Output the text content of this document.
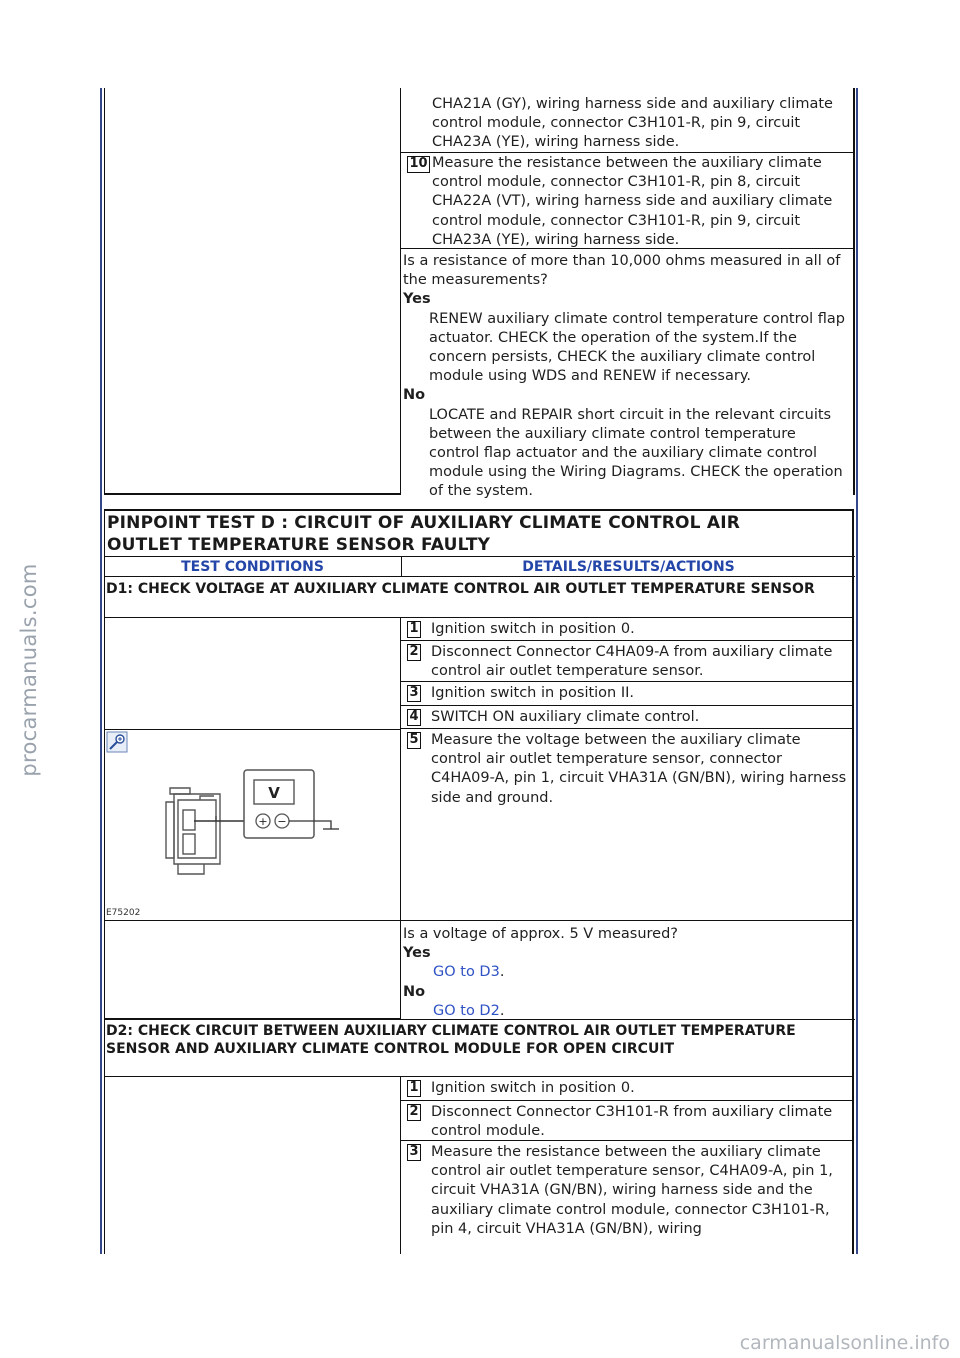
procarmanuals.com
carmanualsonline.info
CHA21A (GY), wiring harness side and auxiliary climate control module, connector C3H101-R, pin 9, circuit CHA23A (YE), wiring harness side.
10 Measure the resistance between the auxiliary climate control module, connector C3H101-R, pin 8, circuit CHA22A (VT), wiring harness side and auxiliary climate control module, connector C3H101-R, pin 9, circuit CHA23A (YE), wiring harness side.
Is a resistance of more than 10,000 ohms measured in all of the measurements?
Yes
RENEW auxiliary climate control temperature control flap actuator. CHECK the operation of the system.If the concern persists, CHECK the auxiliary climate control module using WDS and RENEW if necessary.
No
LOCATE and REPAIR short circuit in the relevant circuits between the auxiliary climate control temperature control flap actuator and the auxiliary climate control module using the Wiring Diagrams. CHECK the operation of the system.
PINPOINT TEST D : CIRCUIT OF AUXILIARY CLIMATE CONTROL AIR OUTLET TEMPERATURE SENSOR FAULTY
TEST CONDITIONS	DETAILS/RESULTS/ACTIONS
D1: CHECK VOLTAGE AT AUXILIARY CLIMATE CONTROL AIR OUTLET TEMPERATURE SENSOR
V
+ −
E75202
1 Ignition switch in position 0.
2 Disconnect Connector C4HA09-A from auxiliary climate control air outlet temperature sensor.
3 Ignition switch in position II.
4 SWITCH ON auxiliary climate control.
5 Measure the voltage between the auxiliary climate control air outlet temperature sensor, connector C4HA09-A, pin 1, circuit VHA31A (GN/BN), wiring harness side and ground.
Is a voltage of approx. 5 V measured?
Yes
GO to D3.
No
GO to D2.
D2: CHECK CIRCUIT BETWEEN AUXILIARY CLIMATE CONTROL AIR OUTLET TEMPERATURE SENSOR AND AUXILIARY CLIMATE CONTROL MODULE FOR OPEN CIRCUIT
1 Ignition switch in position 0.
2 Disconnect Connector C3H101-R from auxiliary climate control module.
3 Measure the resistance between the auxiliary climate control air outlet temperature sensor, C4HA09-A, pin 1, circuit VHA31A (GN/BN), wiring harness side and the auxiliary climate control module, connector C3H101-R, pin 4, circuit VHA31A (GN/BN), wiring
